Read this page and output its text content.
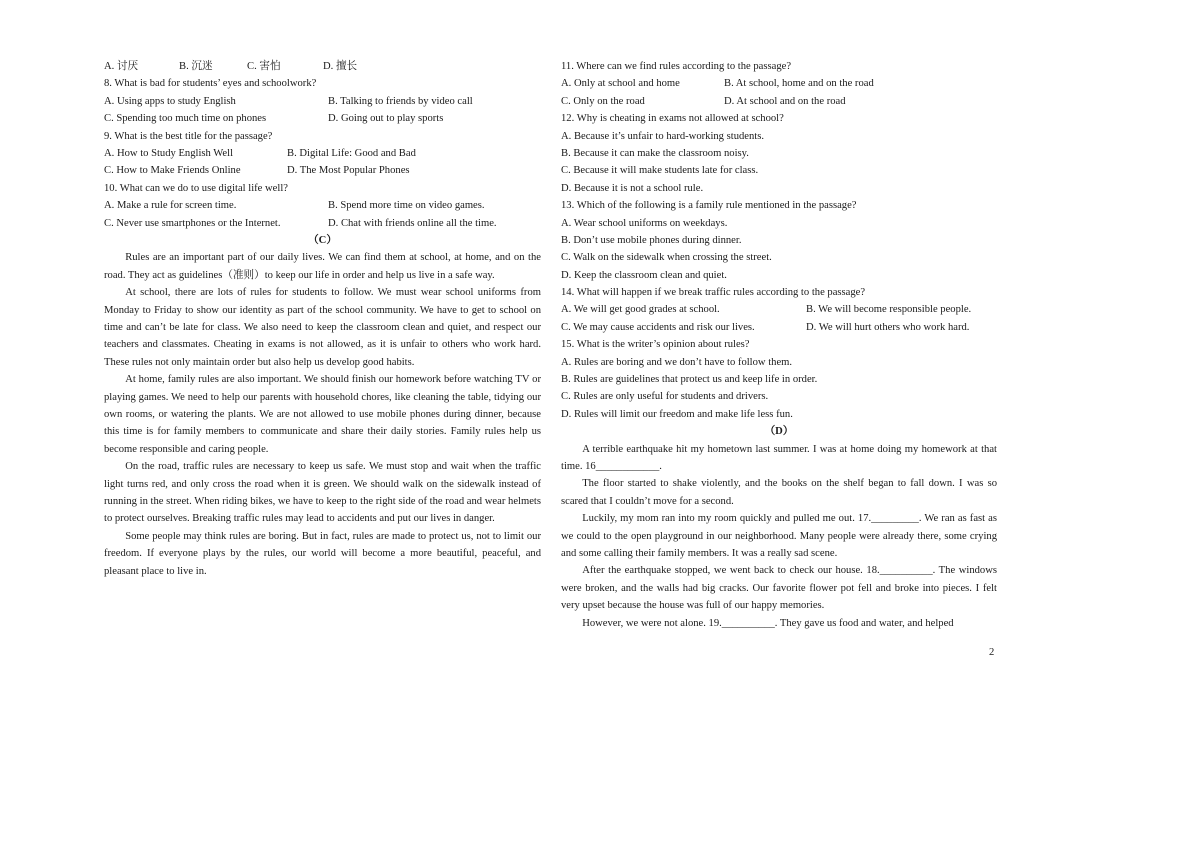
A. 讨厌	B. 沉迷	C. 害怕	D. 擅长
8. What is bad for students’ eyes and schoolwork?
A. Using apps to study English	B. Talking to friends by video call
C. Spending too much time on phones	D. Going out to play sports
9. What is the best title for the passage?
A. How to Study English Well	B. Digital Life: Good and Bad
C. How to Make Friends Online	D. The Most Popular Phones
10. What can we do to use digital life well?
A. Make a rule for screen time.	B. Spend more time on video games.
C. Never use smartphones or the Internet.	D. Chat with friends online all the time.
（C）

Rules are an important part of our daily lives. We can find them at school, at home, and on the road. They act as guidelines（准则）to keep our life in order and help us live in a safe way.

At school, there are lots of rules for students to follow. We must wear school uniforms from Monday to Friday to show our identity as part of the school community. We have to get to school on time and can’t be late for class. We also need to keep the classroom clean and quiet, and respect our teachers and classmates. Cheating in exams is not allowed, as it is unfair to others who work hard. These rules not only maintain order but also help us develop good habits.

At home, family rules are also important. We should finish our homework before watching TV or playing games. We need to help our parents with household chores, like cleaning the table, tidying our own rooms, or watering the plants. We are not allowed to use mobile phones during dinner, because this time is for family members to communicate and share their daily stories. Family rules help us become responsible and caring people.

On the road, traffic rules are necessary to keep us safe. We must stop and wait when the traffic light turns red, and only cross the road when it is green. We should walk on the sidewalk instead of running in the street. When riding bikes, we have to keep to the right side of the road and wear helmets to protect ourselves. Breaking traffic rules may lead to accidents and put our lives in danger.

Some people may think rules are boring. But in fact, rules are made to protect us, not to limit our freedom. If everyone plays by the rules, our world will become a more beautiful, peaceful, and pleasant place to live in.

11. Where can we find rules according to the passage?
A. Only at school and home	B. At school, home and on the road
C. Only on the road	D. At school and on the road
12. Why is cheating in exams not allowed at school?
A. Because it’s unfair to hard-working students.
B. Because it can make the classroom noisy.
C. Because it will make students late for class.
D. Because it is not a school rule.
13. Which of the following is a family rule mentioned in the passage?
A. Wear school uniforms on weekdays.
B. Don’t use mobile phones during dinner.
C. Walk on the sidewalk when crossing the street.
D. Keep the classroom clean and quiet.
14. What will happen if we break traffic rules according to the passage?
A. We will get good grades at school.	B. We will become responsible people.
C. We may cause accidents and risk our lives.	D. We will hurt others who work hard.
15. What is the writer’s opinion about rules?
A. Rules are boring and we don’t have to follow them.
B. Rules are guidelines that protect us and keep life in order.
C. Rules are only useful for students and drivers.
D. Rules will limit our freedom and make life less fun.
（D）

A terrible earthquake hit my hometown last summer. I was at home doing my homework at that time. 16____________.

The floor started to shake violently, and the books on the shelf began to fall down. I was so scared that I couldn’t move for a second.

Luckily, my mom ran into my room quickly and pulled me out. 17._________. We ran as fast as we could to the open playground in our neighborhood. Many people were already there, some crying and some calling their family members. It was a really sad scene.

After the earthquake stopped, we went back to check our house. 18.__________. The windows were broken, and the walls had big cracks. Our favorite flower pot fell and broke into pieces. I felt very upset because the house was full of our happy memories.

However, we were not alone. 19.__________. They gave us food and water, and helped

2
